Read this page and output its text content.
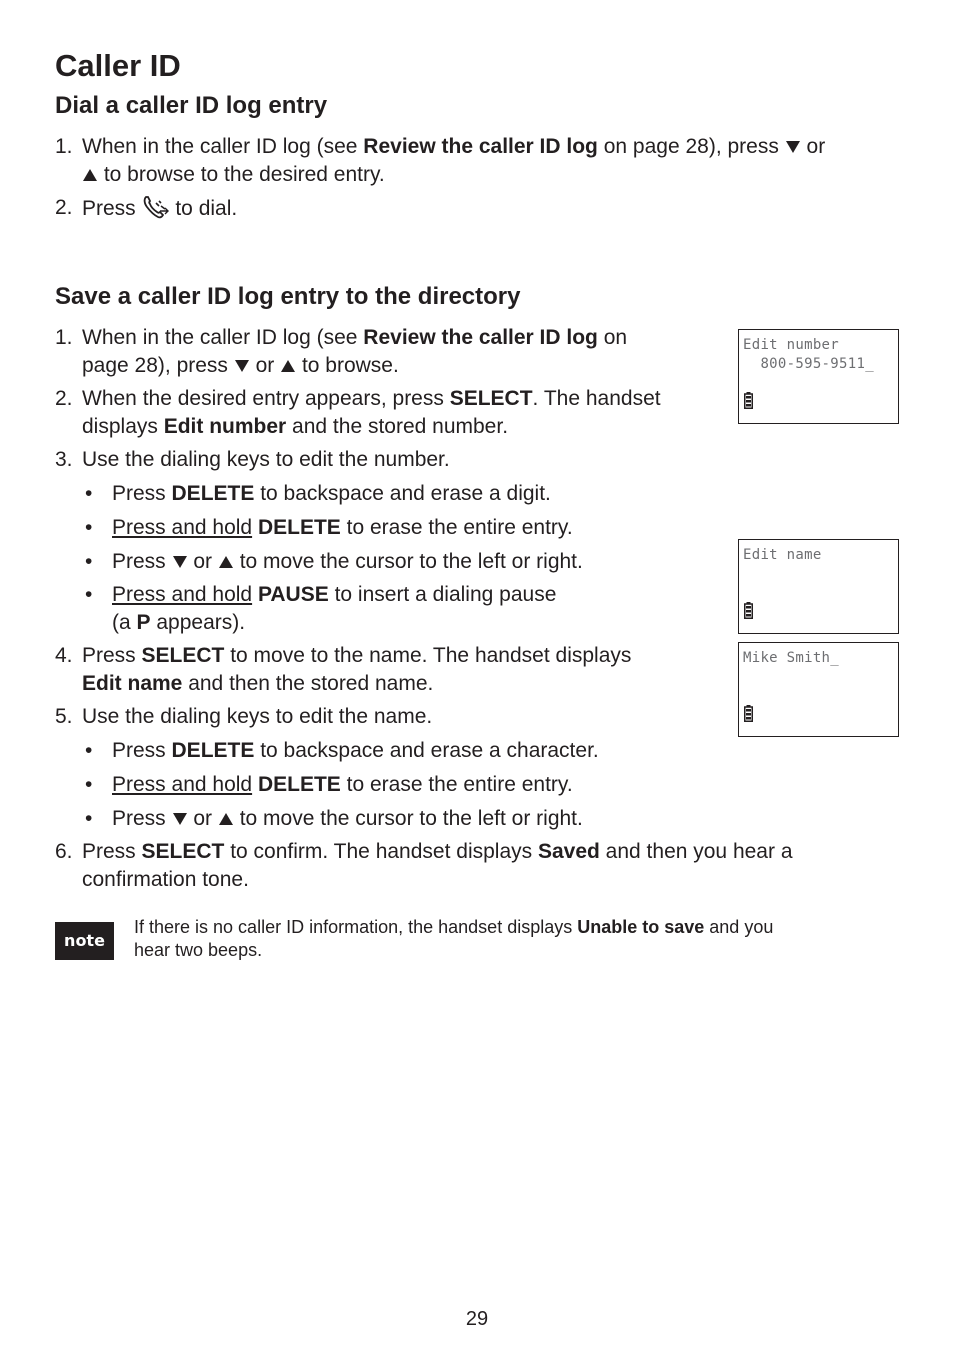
Caller ID
Dial a caller ID log entry
1. When in the caller ID log (see Review the caller ID log on page 28), press  or
to browse to the desired entry.
2. Press  to dial.
Save a caller ID log entry to the directory
1. When in the caller ID log (see Review the caller ID log on
page 28), press  or  to browse.
2. When the desired entry appears, press SELECT. The handset
displays Edit number and the stored number.
3. Use the dialing keys to edit the number.
• Press DELETE to backspace and erase a digit.
• Press and hold DELETE to erase the entire entry.
• Press  or  to move the cursor to the left or right.
• Press and hold PAUSE to insert a dialing pause
(a P appears).
4. Press SELECT to move to the name. The handset displays
Edit name and then the stored name.
5. Use the dialing keys to edit the name.
• Press DELETE to backspace and erase a character.
• Press and hold DELETE to erase the entire entry.
• Press  or  to move the cursor to the left or right.
6. Press SELECT to confirm. The handset displays Saved and then you hear a
confirmation tone.
Edit number
800-595-9511_
Edit name
Mike Smith_
note
If there is no caller ID information, the handset displays Unable to save and you
hear two beeps.
29
